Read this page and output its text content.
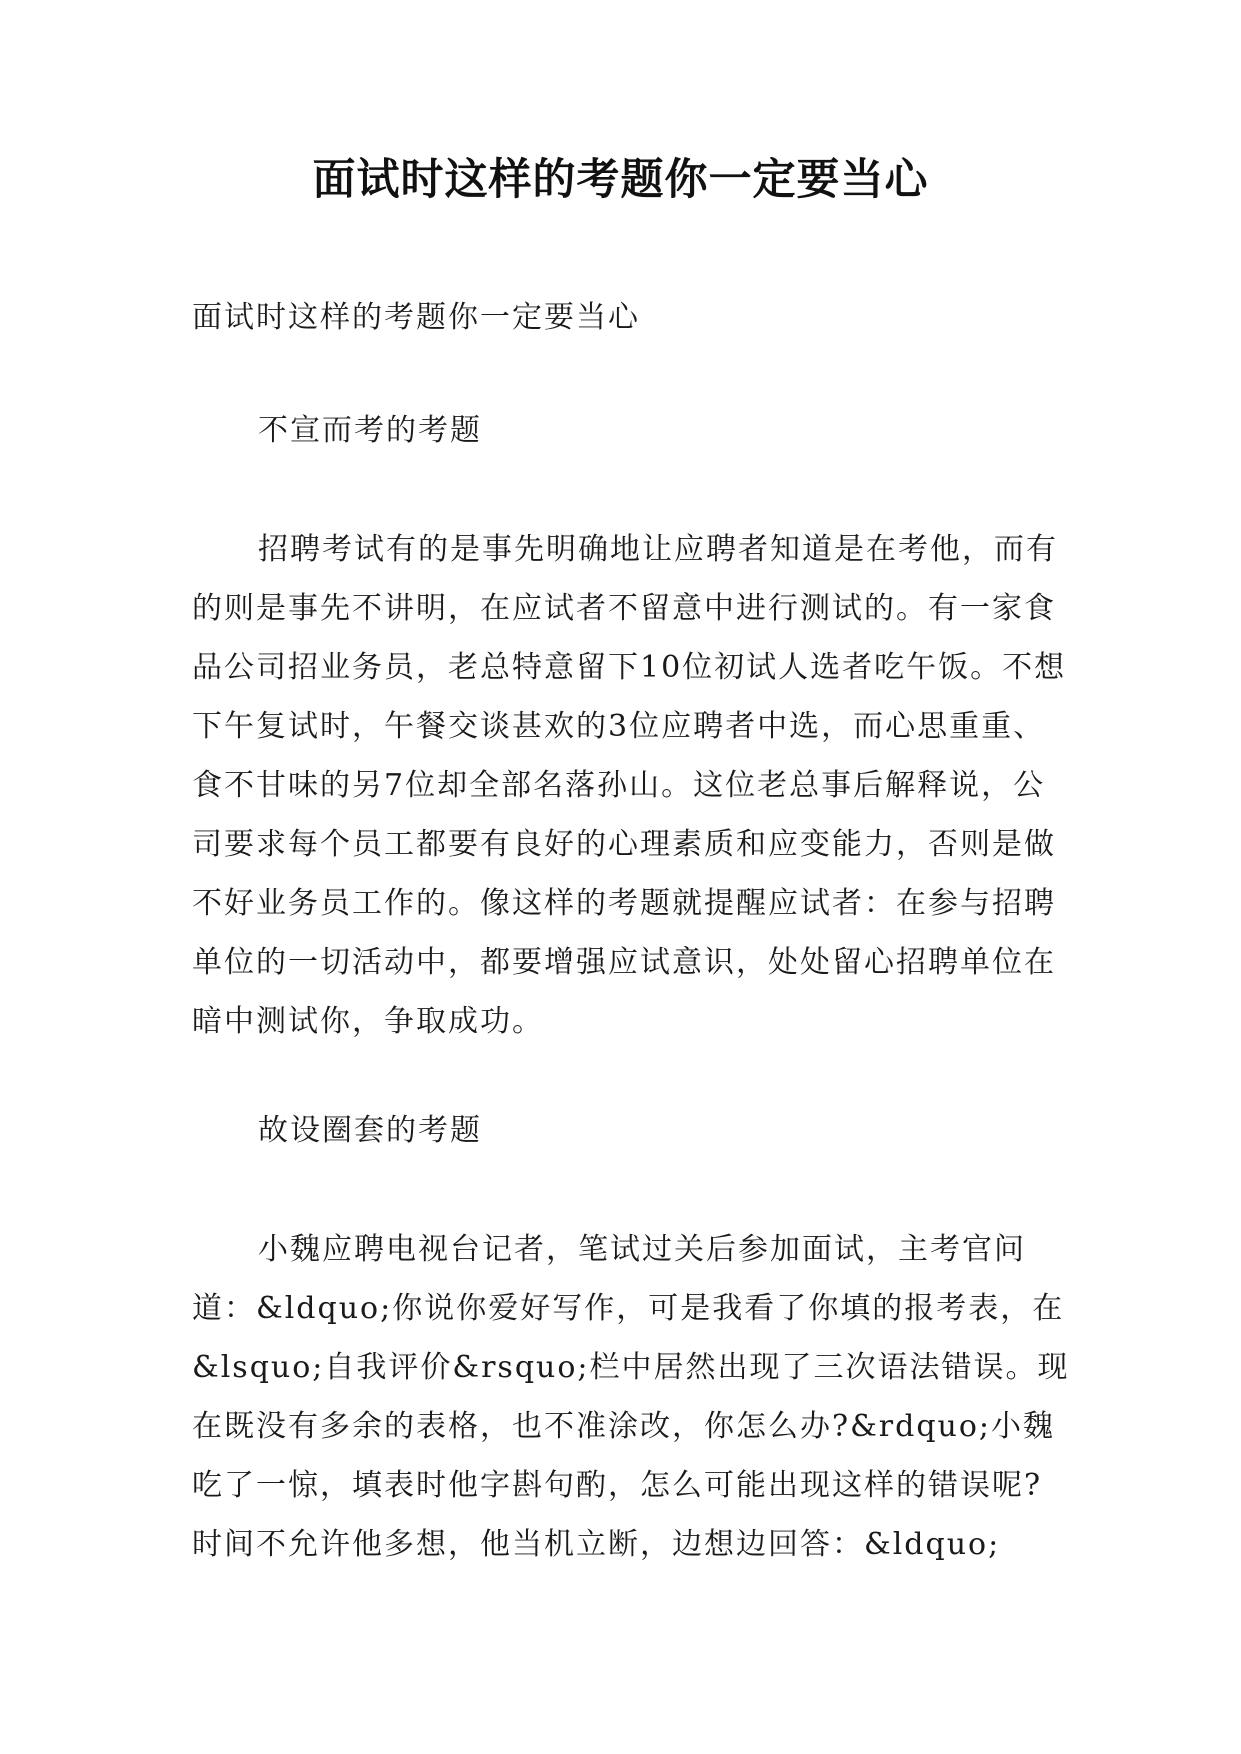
面试时这样的考题你一定要当心

面试时这样的考题你一定要当心

不宣而考的考题

招聘考试有的是事先明确地让应聘者知道是在考他，而有的则是事先不讲明，在应试者不留意中进行测试的。有一家食品公司招业务员，老总特意留下10位初试人选者吃午饭。不想下午复试时，午餐交谈甚欢的3位应聘者中选，而心思重重、食不甘味的另7位却全部名落孙山。这位老总事后解释说，公司要求每个员工都要有良好的心理素质和应变能力，否则是做不好业务员工作的。像这样的考题就提醒应试者：在参与招聘单位的一切活动中，都要增强应试意识，处处留心招聘单位在暗中测试你，争取成功。

故设圈套的考题

小魏应聘电视台记者，笔试过关后参加面试，主考官问道：&ldquo;你说你爱好写作，可是我看了你填的报考表，在&lsquo;自我评价&rsquo;栏中居然出现了三次语法错误。现在既没有多余的表格，也不准涂改，你怎么办?&rdquo;小魏吃了一惊，填表时他字斟句酌，怎么可能出现这样的错误呢?时间不允许他多想，他当机立断，边想边回答：&ldquo;
